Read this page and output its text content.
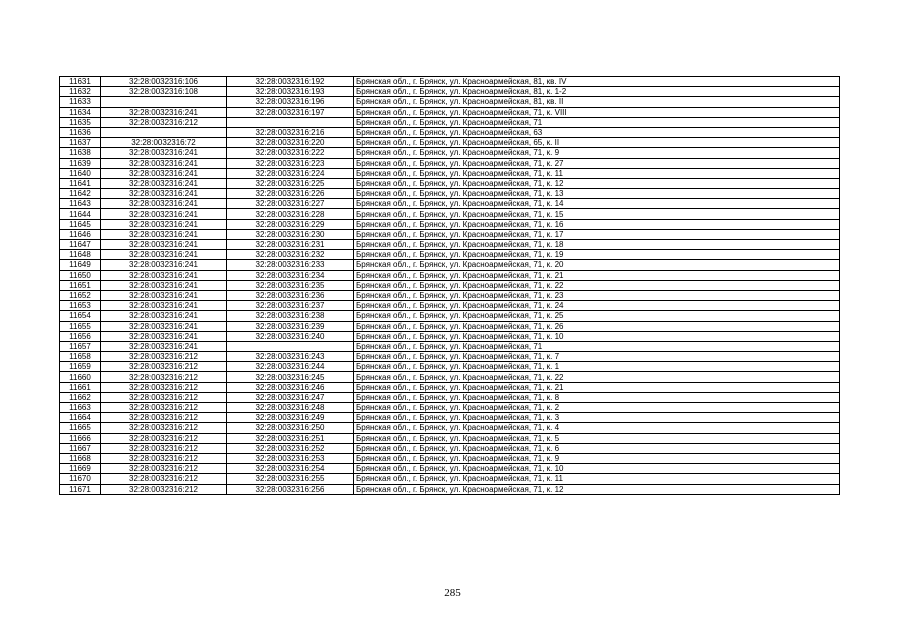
11631	32:28:0032316:106	32:28:0032316:192	Брянская обл., г. Брянск, ул. Красноармейская, 81, кв. IV
11632	32:28:0032316:108	32:28:0032316:193	Брянская обл., г. Брянск, ул. Красноармейская, 81, к. 1-2
11633		32:28:0032316:196	Брянская обл., г. Брянск, ул. Красноармейская, 81, кв. II
11634	32:28:0032316:241	32:28:0032316:197	Брянская обл., г. Брянск, ул. Красноармейская, 71, к. VIII
11635	32:28:0032316:212		Брянская обл., г. Брянск, ул. Красноармейская, 71
11636		32:28:0032316:216	Брянская обл., г. Брянск, ул. Красноармейская, 63
11637	32:28:0032316:72	32:28:0032316:220	Брянская обл., г. Брянск, ул. Красноармейская, 65, к. II
11638	32:28:0032316:241	32:28:0032316:222	Брянская обл., г. Брянск, ул. Красноармейская, 71, к. 9
11639	32:28:0032316:241	32:28:0032316:223	Брянская обл., г. Брянск, ул. Красноармейская, 71, к. 27
11640	32:28:0032316:241	32:28:0032316:224	Брянская обл., г. Брянск, ул. Красноармейская, 71, к. 11
11641	32:28:0032316:241	32:28:0032316:225	Брянская обл., г. Брянск, ул. Красноармейская, 71, к. 12
11642	32:28:0032316:241	32:28:0032316:226	Брянская обл., г. Брянск, ул. Красноармейская, 71, к. 13
11643	32:28:0032316:241	32:28:0032316:227	Брянская обл., г. Брянск, ул. Красноармейская, 71, к. 14
11644	32:28:0032316:241	32:28:0032316:228	Брянская обл., г. Брянск, ул. Красноармейская, 71, к. 15
11645	32:28:0032316:241	32:28:0032316:229	Брянская обл., г. Брянск, ул. Красноармейская, 71, к. 16
11646	32:28:0032316:241	32:28:0032316:230	Брянская обл., г. Брянск, ул. Красноармейская, 71, к. 17
11647	32:28:0032316:241	32:28:0032316:231	Брянская обл., г. Брянск, ул. Красноармейская, 71, к. 18
11648	32:28:0032316:241	32:28:0032316:232	Брянская обл., г. Брянск, ул. Красноармейская, 71, к. 19
11649	32:28:0032316:241	32:28:0032316:233	Брянская обл., г. Брянск, ул. Красноармейская, 71, к. 20
11650	32:28:0032316:241	32:28:0032316:234	Брянская обл., г. Брянск, ул. Красноармейская, 71, к. 21
11651	32:28:0032316:241	32:28:0032316:235	Брянская обл., г. Брянск, ул. Красноармейская, 71, к. 22
11652	32:28:0032316:241	32:28:0032316:236	Брянская обл., г. Брянск, ул. Красноармейская, 71, к. 23
11653	32:28:0032316:241	32:28:0032316:237	Брянская обл., г. Брянск, ул. Красноармейская, 71, к. 24
11654	32:28:0032316:241	32:28:0032316:238	Брянская обл., г. Брянск, ул. Красноармейская, 71, к. 25
11655	32:28:0032316:241	32:28:0032316:239	Брянская обл., г. Брянск, ул. Красноармейская, 71, к. 26
11656	32:28:0032316:241	32:28:0032316:240	Брянская обл., г. Брянск, ул. Красноармейская, 71, к. 10
11657	32:28:0032316:241		Брянская обл., г. Брянск, ул. Красноармейская, 71
11658	32:28:0032316:212	32:28:0032316:243	Брянская обл., г. Брянск, ул. Красноармейская, 71, к. 7
11659	32:28:0032316:212	32:28:0032316:244	Брянская обл., г. Брянск, ул. Красноармейская, 71, к. 1
11660	32:28:0032316:212	32:28:0032316:245	Брянская обл., г. Брянск, ул. Красноармейская, 71, к. 22
11661	32:28:0032316:212	32:28:0032316:246	Брянская обл., г. Брянск, ул. Красноармейская, 71, к. 21
11662	32:28:0032316:212	32:28:0032316:247	Брянская обл., г. Брянск, ул. Красноармейская, 71, к. 8
11663	32:28:0032316:212	32:28:0032316:248	Брянская обл., г. Брянск, ул. Красноармейская, 71, к. 2
11664	32:28:0032316:212	32:28:0032316:249	Брянская обл., г. Брянск, ул. Красноармейская, 71, к. 3
11665	32:28:0032316:212	32:28:0032316:250	Брянская обл., г. Брянск, ул. Красноармейская, 71, к. 4
11666	32:28:0032316:212	32:28:0032316:251	Брянская обл., г. Брянск, ул. Красноармейская, 71, к. 5
11667	32:28:0032316:212	32:28:0032316:252	Брянская обл., г. Брянск, ул. Красноармейская, 71, к. 6
11668	32:28:0032316:212	32:28:0032316:253	Брянская обл., г. Брянск, ул. Красноармейская, 71, к. 9
11669	32:28:0032316:212	32:28:0032316:254	Брянская обл., г. Брянск, ул. Красноармейская, 71, к. 10
11670	32:28:0032316:212	32:28:0032316:255	Брянская обл., г. Брянск, ул. Красноармейская, 71, к. 11
11671	32:28:0032316:212	32:28:0032316:256	Брянская обл., г. Брянск, ул. Красноармейская, 71, к. 12
285
